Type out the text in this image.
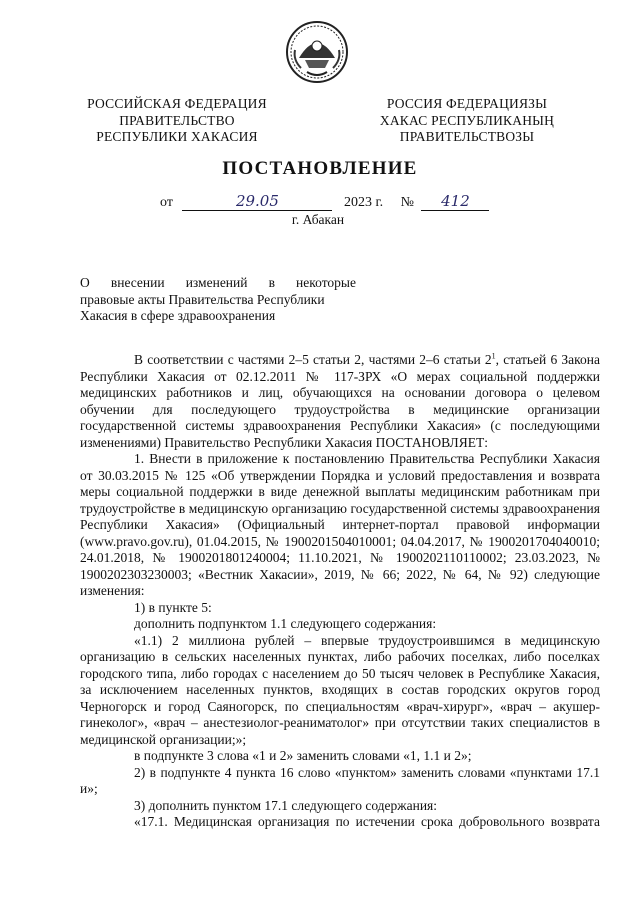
РОССИЙСКАЯ ФЕДЕРАЦИЯ
ПРАВИТЕЛЬСТВО
РЕСПУБЛИКИ ХАКАСИЯ
РОССИЯ ФЕДЕРАЦИЯЗЫ
ХАКАС РЕСПУБЛИКАНЫҢ
ПРАВИТЕЛЬСТВОЗЫ
ПОСТАНОВЛЕНИЕ
от	29.05	2023 г. № 412
г. Абакан
О внесении изменений в некоторые
правовые акты Правительства Республики
Хакасия в сфере здравоохранения

В соответствии с частями 2–5 статьи 2, частями 2–6 статьи $2^1$, статьей 6 Закона Республики Хакасия от 02.12.2011 № 117-ЗРХ «О мерах социальной поддержки медицинских работников и лиц, обучающихся на основании договора о целевом обучении для последующего трудоустройства в медицинские организации государственной системы здравоохранения Республики Хакасия» (с последующими изменениями) Правительство Республики Хакасия ПОСТАНОВЛЯЕТ:

1. Внести в приложение к постановлению Правительства Республики Хакасия от 30.03.2015 № 125 «Об утверждении Порядка и условий предоставления и возврата меры социальной поддержки в виде денежной выплаты медицинским работникам при трудоустройстве в медицинскую организацию государственной системы здравоохранения Республики Хакасия» (Официальный интернет-портал правовой информации (www.pravo.gov.ru), 01.04.2015, № 1900201504010001; 04.04.2017, № 1900201704040010; 24.01.2018, № 1900201801240004; 11.10.2021, № 1900202110110002; 23.03.2023, № 1900202303230003; «Вестник Хакасии», 2019, № 66; 2022, № 64, № 92) следующие изменения:

1) в пункте 5:

дополнить подпунктом 1.1 следующего содержания:

«1.1) 2 миллиона рублей – впервые трудоустроившимся в медицинскую организацию в сельских населенных пунктах, либо рабочих поселках, либо поселках городского типа, либо городах с населением до 50 тысяч человек в Республике Хакасия, за исключением населенных пунктов, входящих в состав городских округов город Черногорск и город Саяногорск, по специальностям «врач-хирург», «врач – акушер-гинеколог», «врач – анестезиолог-реаниматолог» при отсутствии таких специалистов в медицинской организации;»;

в подпункте 3 слова «1 и 2» заменить словами «1, 1.1 и 2»;

2) в подпункте 4 пункта 16 слово «пунктом» заменить словами «пунктами 17.1 и»;

3) дополнить пунктом 17.1 следующего содержания:

«17.1. Медицинская организация по истечении срока добровольного возврата
